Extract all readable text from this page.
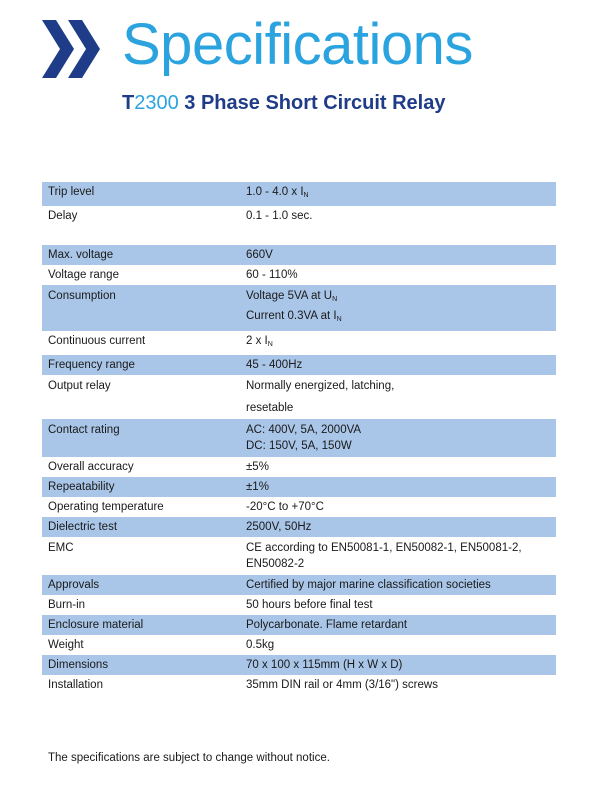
Specifications
T2300 3 Phase Short Circuit Relay
Trip level	1.0 - 4.0 x $I_N$
Delay	0.1 - 1.0 sec.

Max. voltage	660V
Voltage range	60 - 110%
Consumption	Voltage 5VA at $U_N$
Current 0.3VA at $I_N$

Continuous current	2 x $I_N$
Frequency range	45 - 400Hz
Output relay	Normally energized, latching,
resetable

Contact rating	AC: 400V, 5A, 2000VA
DC: 150V, 5A, 150W

Overall accuracy	±5%
Repeatability	±1%
Operating temperature	-20°C to +70°C
Dielectric test	2500V, 50Hz
EMC	CE according to EN50081-1, EN50082-1, EN50081-2,
EN50082-2

Approvals	Certified by major marine classification societies
Burn-in	50 hours before final test
Enclosure material	Polycarbonate. Flame retardant
Weight	0.5kg
Dimensions	70 x 100 x 115mm (H x W x D)
Installation	35mm DIN rail or 4mm (3/16") screws
The specifications are subject to change without notice.
